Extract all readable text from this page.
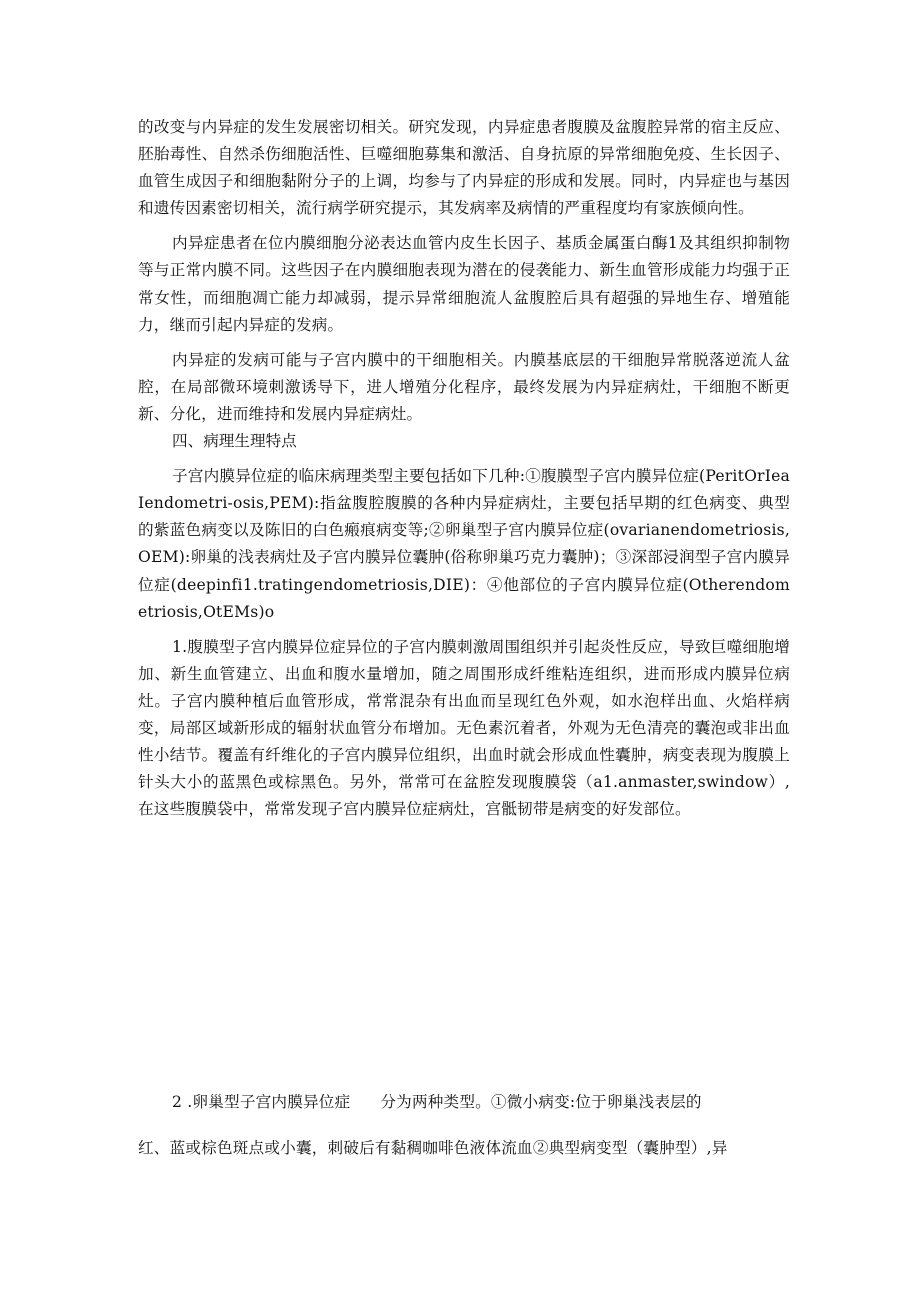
的改变与内异症的发生发展密切相关。研究发现，内异症患者腹膜及盆腹腔异常的宿主反应、胚胎毒性、自然杀伤细胞活性、巨噬细胞募集和激活、自身抗原的异常细胞免疫、生长因子、血管生成因子和细胞黏附分子的上调，均参与了内异症的形成和发展。同时，内异症也与基因和遗传因素密切相关，流行病学研究提示，其发病率及病情的严重程度均有家族倾向性。

内异症患者在位内膜细胞分泌表达血管内皮生长因子、基质金属蛋白酶1及其组织抑制物等与正常内膜不同。这些因子在内膜细胞表现为潜在的侵袭能力、新生血管形成能力均强于正常女性，而细胞凋亡能力却减弱，提示异常细胞流人盆腹腔后具有超强的异地生存、增殖能力，继而引起内异症的发病。

内异症的发病可能与子宫内膜中的干细胞相关。内膜基底层的干细胞异常脱落逆流人盆腔，在局部微环境刺激诱导下，进人增殖分化程序，最终发展为内异症病灶，干细胞不断更新、分化，进而维持和发展内异症病灶。

四、病理生理特点

子宫内膜异位症的临床病理类型主要包括如下几种:①腹膜型子宫内膜异位症(PeritOrIeaIendometri-osis,PEM):指盆腹腔腹膜的各种内异症病灶，主要包括早期的红色病变、典型的紫蓝色病变以及陈旧的白色瘢痕病变等;②卵巢型子宫内膜异位症(ovarianendometriosis,OEM):卵巢的浅表病灶及子宫内膜异位囊肿(俗称卵巢巧克力囊肿)；③深部浸润型子宫内膜异位症(deepinfi1.tratingendometriosis,DIE)：④他部位的子宫内膜异位症(Otherendometriosis,OtEMs)o

1.腹膜型子宫内膜异位症异位的子宫内膜刺激周围组织并引起炎性反应，导致巨噬细胞增加、新生血管建立、出血和腹水量增加，随之周围形成纤维粘连组织，进而形成内膜异位病灶。子宫内膜种植后血管形成，常常混杂有出血而呈现红色外观，如水泡样出血、火焰样病变，局部区域新形成的辐射状血管分布增加。无色素沉着者，外观为无色清亮的囊泡或非出血性小结节。覆盖有纤维化的子宫内膜异位组织，出血时就会形成血性囊肿，病变表现为腹膜上针头大小的蓝黑色或棕黑色。另外，常常可在盆腔发现腹膜袋（a1.anmaster,swindow）,在这些腹膜袋中，常常发现子宫内膜异位症病灶，宫骶韧带是病变的好发部位。

2 .卵巢型子宫内膜异位症 分为两种类型。①微小病变:位于卵巢浅表层的
红、蓝或棕色斑点或小囊，刺破后有黏稠咖啡色液体流血②典型病变型（囊肿型）,异
